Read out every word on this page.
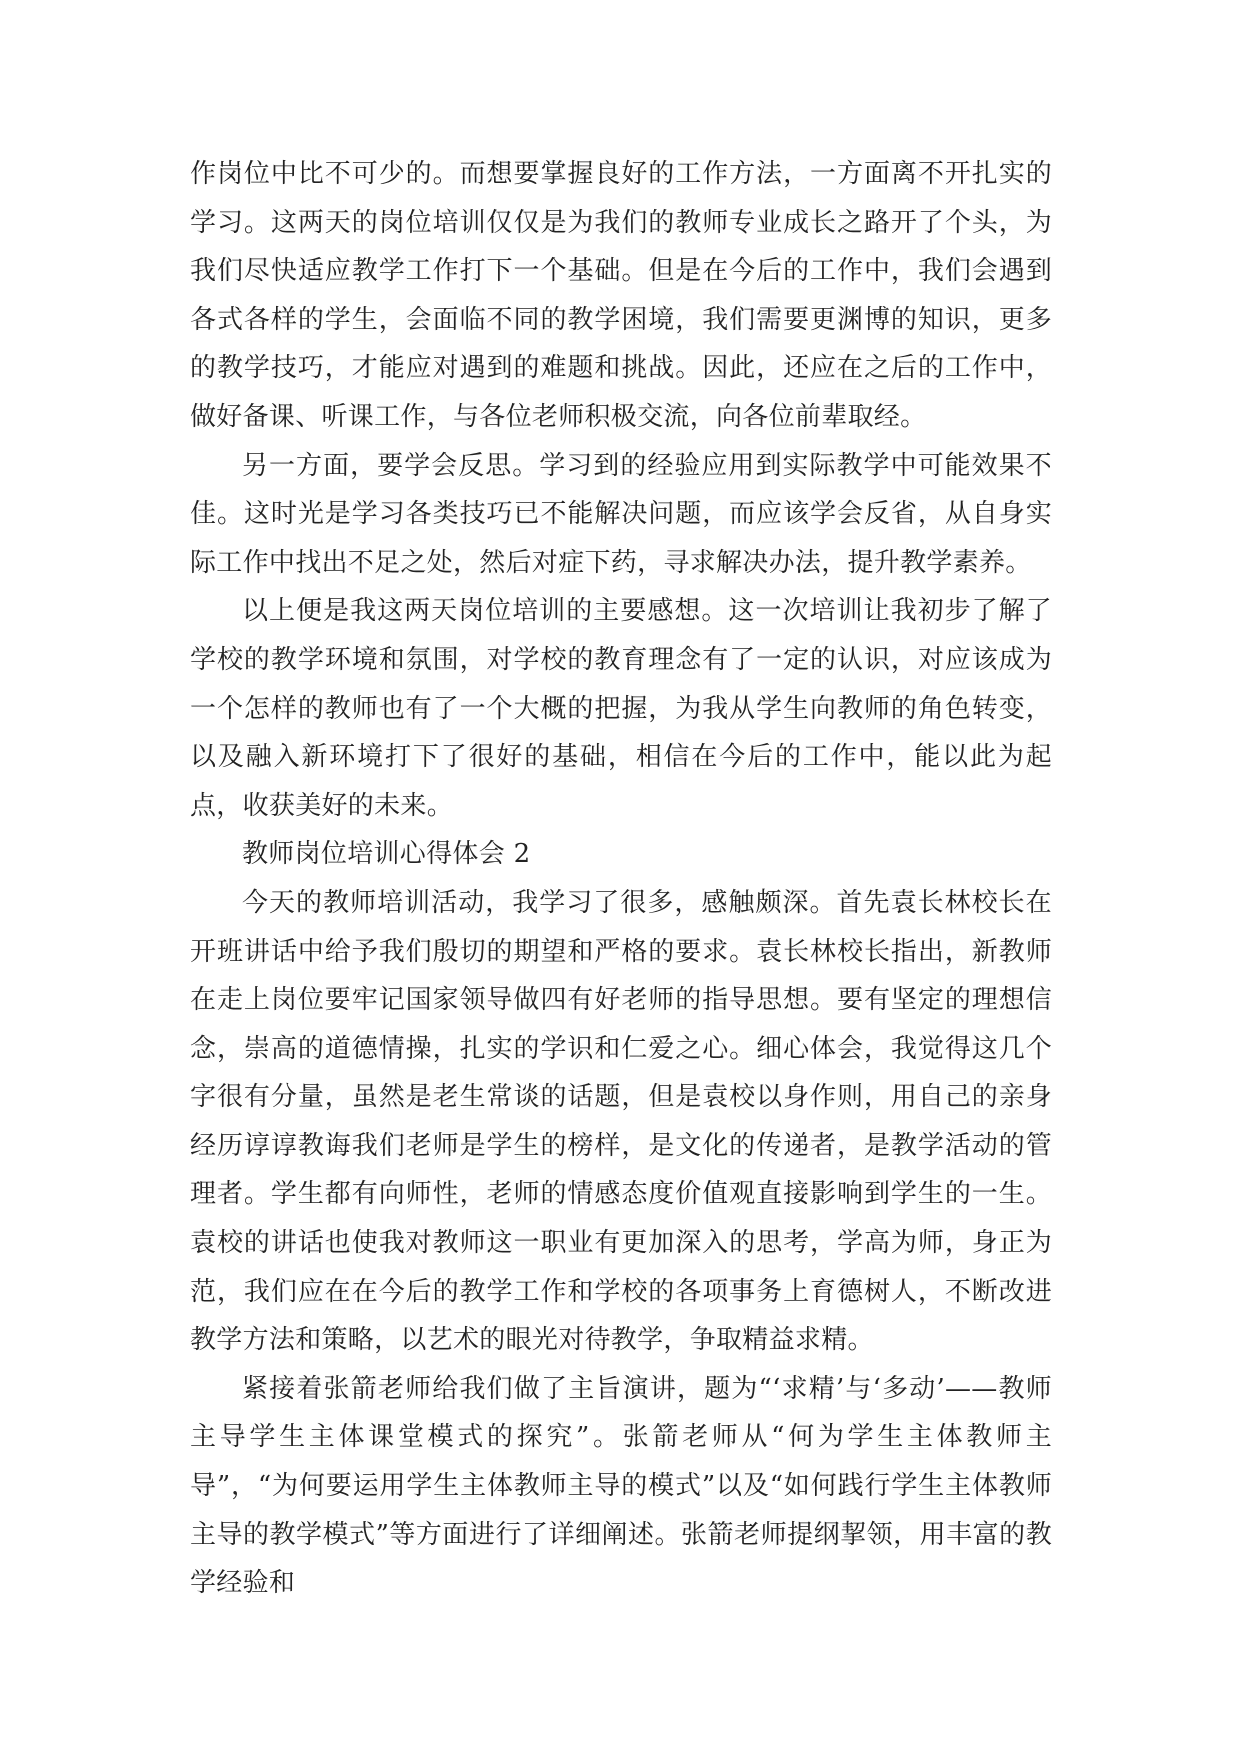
作岗位中比不可少的。而想要掌握良好的工作方法，一方面离不开扎实的学习。这两天的岗位培训仅仅是为我们的教师专业成长之路开了个头，为我们尽快适应教学工作打下一个基础。但是在今后的工作中，我们会遇到各式各样的学生，会面临不同的教学困境，我们需要更渊博的知识，更多的教学技巧，才能应对遇到的难题和挑战。因此，还应在之后的工作中，做好备课、听课工作，与各位老师积极交流，向各位前辈取经。

另一方面，要学会反思。学习到的经验应用到实际教学中可能效果不佳。这时光是学习各类技巧已不能解决问题，而应该学会反省，从自身实际工作中找出不足之处，然后对症下药，寻求解决办法，提升教学素养。

以上便是我这两天岗位培训的主要感想。这一次培训让我初步了解了学校的教学环境和氛围，对学校的教育理念有了一定的认识，对应该成为一个怎样的教师也有了一个大概的把握，为我从学生向教师的角色转变，以及融入新环境打下了很好的基础，相信在今后的工作中，能以此为起点，收获美好的未来。

教师岗位培训心得体会 2

今天的教师培训活动，我学习了很多，感触颇深。首先袁长林校长在开班讲话中给予我们殷切的期望和严格的要求。袁长林校长指出，新教师在走上岗位要牢记国家领导做四有好老师的指导思想。要有坚定的理想信念，崇高的道德情操，扎实的学识和仁爱之心。细心体会，我觉得这几个字很有分量，虽然是老生常谈的话题，但是袁校以身作则，用自己的亲身经历谆谆教诲我们老师是学生的榜样，是文化的传递者，是教学活动的管理者。学生都有向师性，老师的情感态度价值观直接影响到学生的一生。袁校的讲话也使我对教师这一职业有更加深入的思考，学高为师，身正为范，我们应在在今后的教学工作和学校的各项事务上育德树人，不断改进教学方法和策略，以艺术的眼光对待教学，争取精益求精。

紧接着张箭老师给我们做了主旨演讲，题为“‘求精’与‘多动’——教师主导学生主体课堂模式的探究”。张箭老师从“何为学生主体教师主导”，“为何要运用学生主体教师主导的模式”以及“如何践行学生主体教师主导的教学模式”等方面进行了详细阐述。张箭老师提纲挈领，用丰富的教学经验和
